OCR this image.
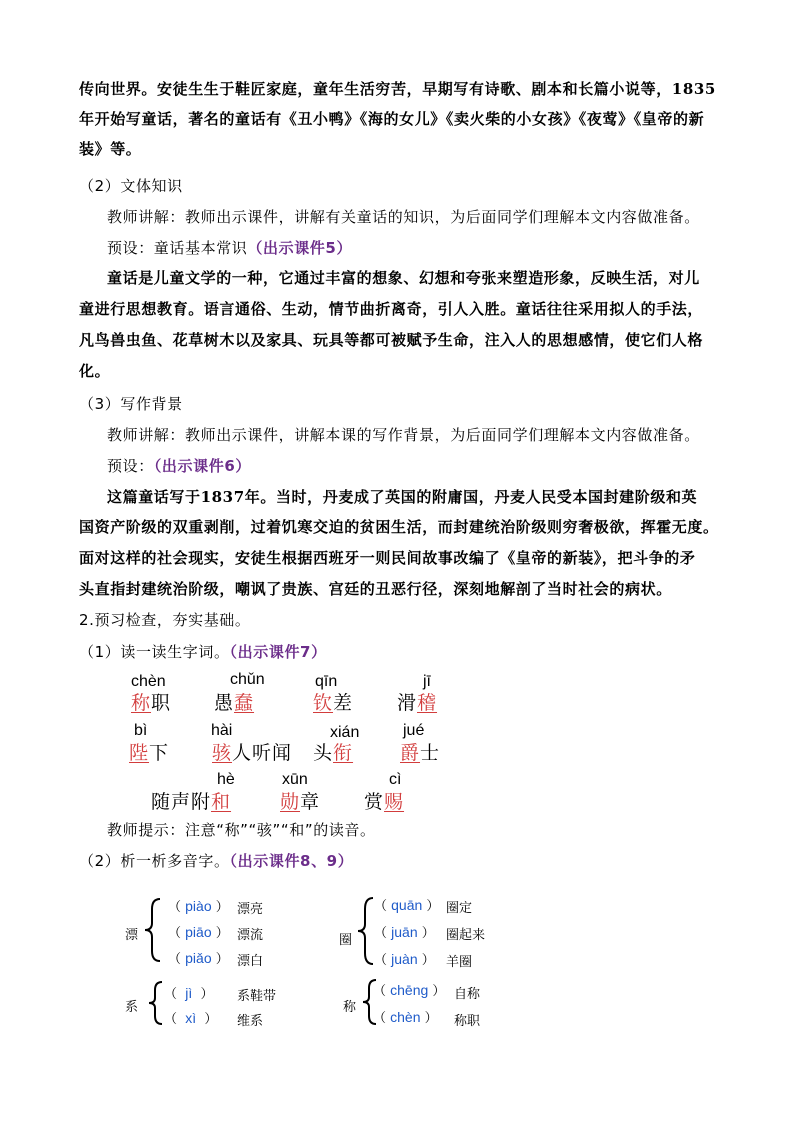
传向世界。安徒生生于鞋匠家庭，童年生活穷苦，早期写有诗歌、剧本和长篇小说等，1835
年开始写童话，著名的童话有《丑小鸭》《海的女儿》《卖火柴的小女孩》《夜莺》《皇帝的新
装》等。
（2）文体知识
教师讲解：教师出示课件，讲解有关童话的知识，为后面同学们理解本文内容做准备。
预设：童话基本常识（出示课件5）
童话是儿童文学的一种，它通过丰富的想象、幻想和夸张来塑造形象，反映生活，对儿
童进行思想教育。语言通俗、生动，情节曲折离奇，引人入胜。童话往往采用拟人的手法，
凡鸟兽虫鱼、花草树木以及家具、玩具等都可被赋予生命，注入人的思想感情，使它们人格
化。
（3）写作背景
教师讲解：教师出示课件，讲解本课的写作背景，为后面同学们理解本文内容做准备。
预设：（出示课件6）
这篇童话写于1837年。当时，丹麦成了英国的附庸国，丹麦人民受本国封建阶级和英
国资产阶级的双重剥削，过着饥寒交迫的贫困生活，而封建统治阶级则穷奢极欲，挥霍无度。
面对这样的社会现实，安徒生根据西班牙一则民间故事改编了《皇帝的新装》，把斗争的矛
头直指封建统治阶级，嘲讽了贵族、宫廷的丑恶行径，深刻地解剖了当时社会的病状。
2.预习检查，夯实基础。
（1）读一读生字词。（出示课件7）
chèn
称职
chǔn
愚蠢
qīn
钦差
jī
滑稽
bì
陛下
hài
骇人听闻
xián
头衔
jué
爵士
hè
随声附和
xūn
勋章
cì
赏赐
教师提示：注意“称”“骇”“和”的读音。
（2）析一析多音字。（出示课件8、9）
漂
（ piào ） 漂亮
（ piāo ） 漂流
（ piǎo ） 漂白
圈
（ quān ） 圈定
（ juān ） 圈起来
（ juàn ） 羊圈
系
（  jì  ） 系鞋带
（  xì  ） 维系
称
（ chēng ） 自称
（ chèn ） 称职
